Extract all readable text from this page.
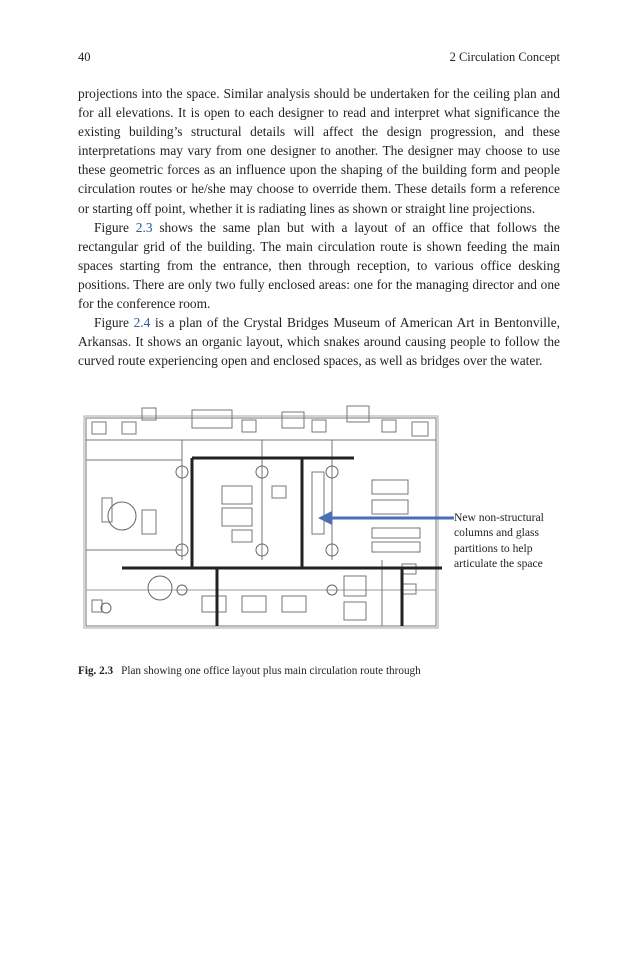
40	2 Circulation Concept

projections into the space. Similar analysis should be undertaken for the ceiling plan and for all elevations. It is open to each designer to read and interpret what significance the existing building’s structural details will affect the design progression, and these interpretations may vary from one designer to another. The designer may choose to use these geometric forces as an influence upon the shaping of the building form and people circulation routes or he/she may choose to override them. These details form a reference or starting off point, whether it is radiating lines as shown or straight line projections.

Figure 2.3 shows the same plan but with a layout of an office that follows the rectangular grid of the building. The main circulation route is shown feeding the main spaces starting from the entrance, then through reception, to various office desking positions. There are only two fully enclosed areas: one for the managing director and one for the conference room.

Figure 2.4 is a plan of the Crystal Bridges Museum of American Art in Bentonville, Arkansas. It shows an organic layout, which snakes around causing people to follow the curved route experiencing open and enclosed spaces, as well as bridges over the water.

New non-structural columns and glass partitions to help articulate the space
Fig. 2.3 Plan showing one office layout plus main circulation route through
